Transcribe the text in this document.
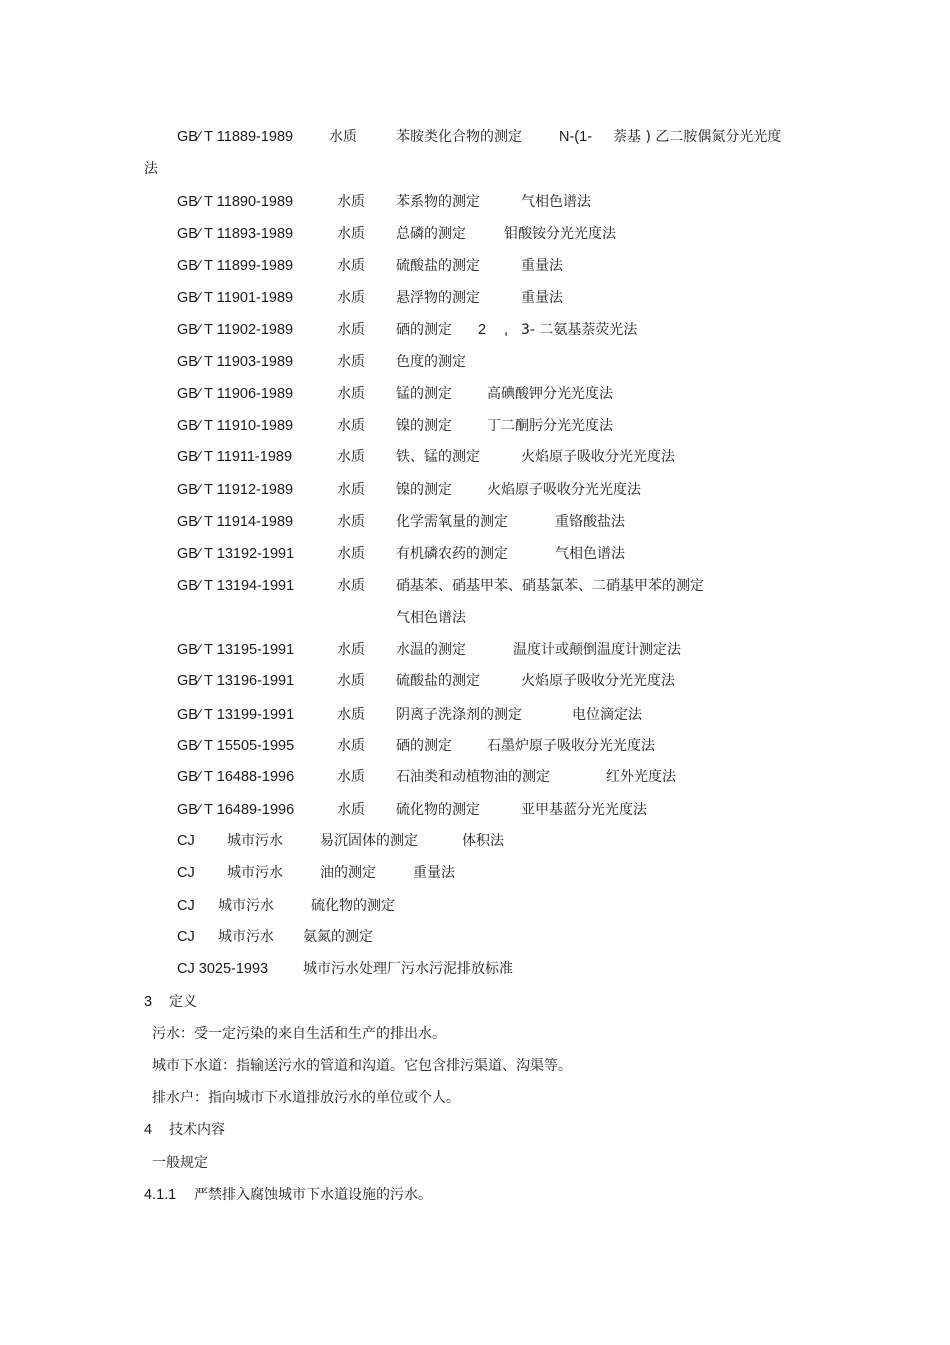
GB∕ T 11889-1989	水质	苯胺类化合物的测定	N-(1- 萘基 ) 乙二胺偶氮分光光度
法
GB∕ T 11890-1989	水质 苯系物的测定	气相色谱法
GB∕ T 11893-1989	水质 总磷的测定	钼酸铵分光光度法
GB∕ T 11899-1989	水质 硫酸盐的测定	重量法
GB∕ T 11901-1989	水质 悬浮物的测定	重量法
GB∕ T 11902-1989	水质 硒的测定 2 , 3- 二氨基萘荧光法
GB∕ T 11903-1989	水质 色度的测定
GB∕ T 11906-1989	水质 锰的测定	高碘酸钾分光光度法
GB∕ T 11910-1989	水质 镍的测定	丁二酮肟分光光度法
GB∕ T 11911-1989	水质 铁、锰的测定	火焰原子吸收分光光度法
GB∕ T 11912-1989	水质 镍的测定	火焰原子吸收分光光度法
GB∕ T 11914-1989	水质 化学需氧量的测定	重铬酸盐法
GB∕ T 13192-1991	水质 有机磷农药的测定	气相色谱法
GB∕ T 13194-1991	水质 硝基苯、硝基甲苯、硝基氯苯、二硝基甲苯的测定
气相色谱法
GB∕ T 13195-1991	水质 水温的测定	温度计或颠倒温度计测定法
GB∕ T 13196-1991	水质 硫酸盐的测定	火焰原子吸收分光光度法
GB∕ T 13199-1991	水质 阴离子洗涤剂的测定	电位滴定法
GB∕ T 15505-1995	水质 硒的测定	石墨炉原子吸收分光光度法
GB∕ T 16488-1996	水质 石油类和动植物油的测定	红外光度法
GB∕ T 16489-1996	水质 硫化物的测定	亚甲基蓝分光光度法
CJ 城市污水	易沉固体的测定	体积法
CJ 城市污水	油的测定	重量法
CJ 城市污水	硫化物的测定
CJ 城市污水 氨氮的测定
CJ 3025-1993 城市污水处理厂污水污泥排放标准
3 定义
污水：受一定污染的来自生活和生产的排出水。
城市下水道：指输送污水的管道和沟道。它包含排污渠道、沟渠等。
排水户：指向城市下水道排放污水的单位或个人。
4 技术内容
一般规定
4.1.1 严禁排入腐蚀城市下水道设施的污水。
